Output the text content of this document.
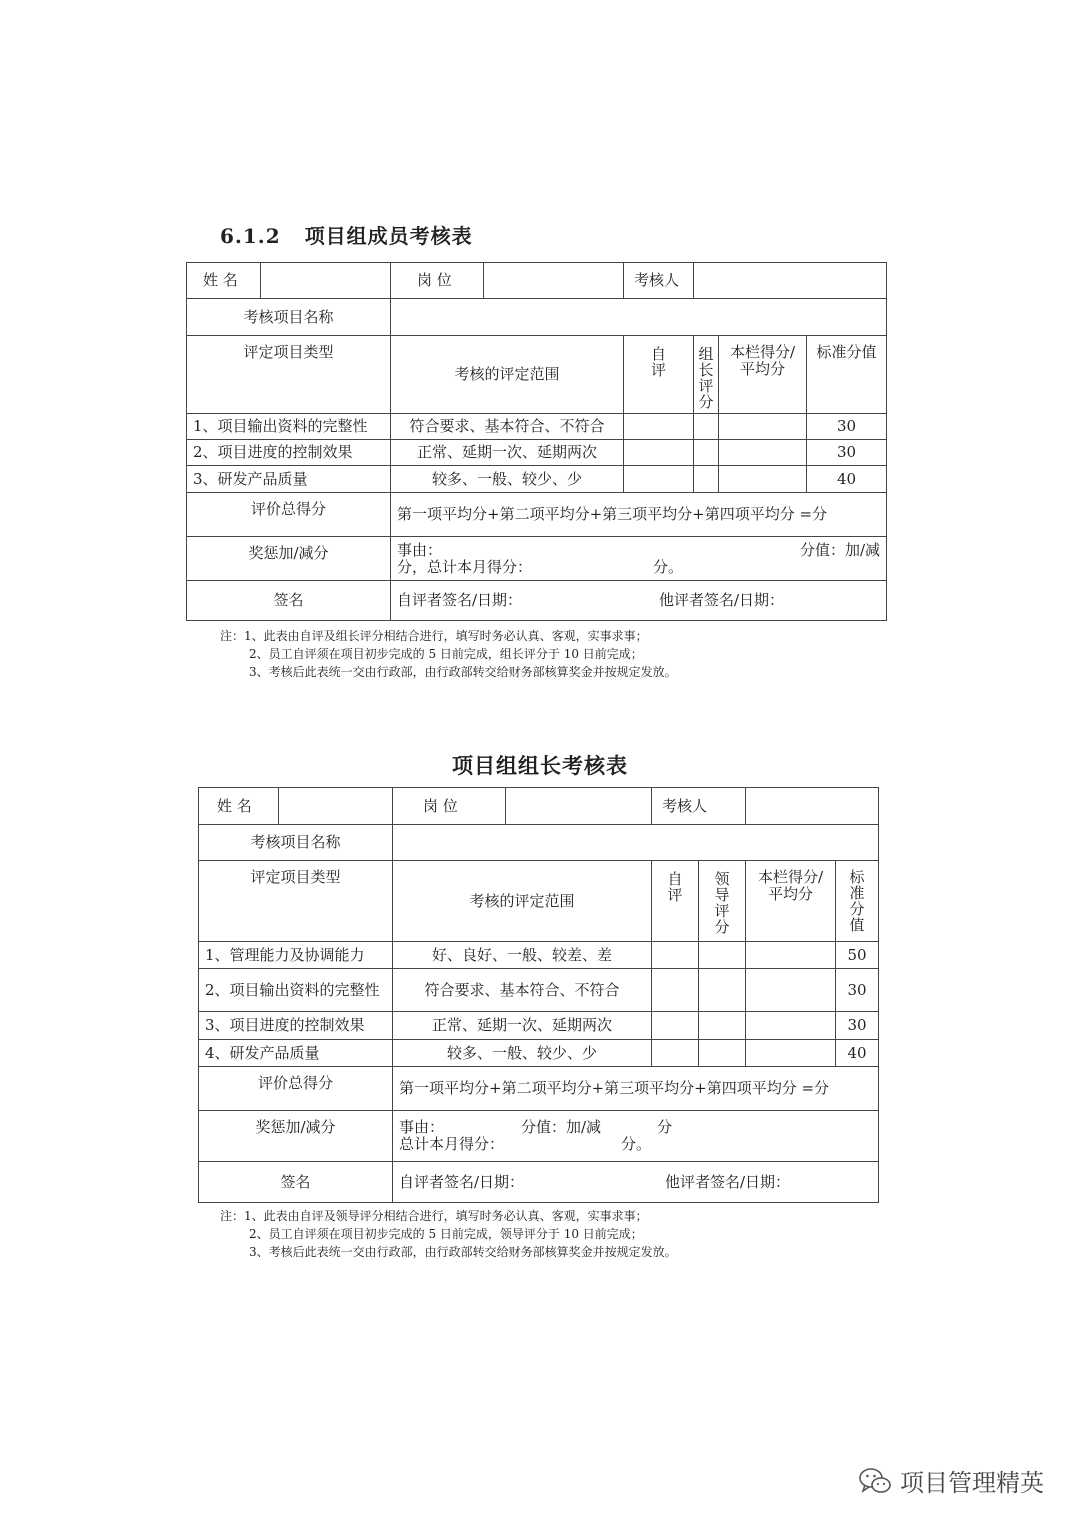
6.1.2 项目组成员考核表
姓 名		岗 位		考核人			
考核项目名称							
评定项目类型		考核的评定范围		自评	组长评分	本栏得分/平均分	标准分值
1、项目输出资料的完整性		符合要求、基本符合、不符合					30
2、项目进度的控制效果		正常、延期一次、延期两次					30
3、研发产品质量		较多、一般、较少、少					40
评价总得分		第一项平均分+第二项平均分+第三项平均分+第四项平均分 =分					
奖惩加/减分		事由： 分值：加/减
分，总计本月得分： 分。					

签名		自评者签名/日期： 他评者签名/日期：					
注：1、此表由自评及组长评分相结合进行，填写时务必认真、客观，实事求事；
2、员工自评须在项目初步完成的 5 日前完成，组长评分于 10 日前完成；
3、考核后此表统一交由行政部，由行政部转交给财务部核算奖金并按规定发放。
项目组组长考核表
姓 名		岗 位		考核人			
考核项目名称							
评定项目类型		考核的评定范围		自评	领导评分	本栏得分/平均分	标准分值

1、管理能力及协调能力		好、良好、一般、较差、差					50
2、项目输出资料的完整性		符合要求、基本符合、不符合					30
3、项目进度的控制效果		正常、延期一次、延期两次					30
4、研发产品质量		较多、一般、较少、少					40
评价总得分		第一项平均分+第二项平均分+第三项平均分+第四项平均分 =分					
奖惩加/减分		事由： 分值：加/减 分
总计本月得分： 分。					

签名		自评者签名/日期： 他评者签名/日期：					
注：1、此表由自评及领导评分相结合进行，填写时务必认真、客观，实事求事；
2、员工自评须在项目初步完成的 5 日前完成，领导评分于 10 日前完成；
3、考核后此表统一交由行政部，由行政部转交给财务部核算奖金并按规定发放。
项目管理精英
